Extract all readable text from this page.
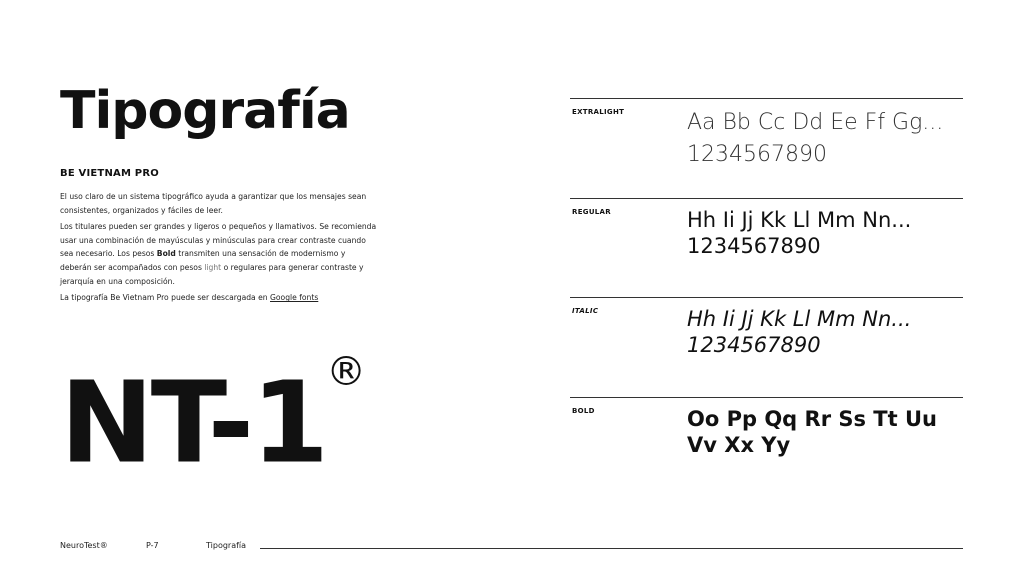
Tipografía
BE VIETNAM PRO

El uso claro de un sistema tipográfico ayuda a garantizar que los mensajes sean consistentes, organizados y fáciles de leer.

Los titulares pueden ser grandes y ligeros o pequeños y llamativos. Se recomienda usar una combinación de mayúsculas y minúsculas para crear contraste cuando sea necesario. Los pesos Bold transmiten una sensación de modernismo y deberán ser acompañados con pesos light o regulares para generar contraste y jerarquía en una composición.

La tipografía Be Vietnam Pro puede ser descargada en Google fonts

NT-1®
EXTRALIGHT	Aa Bb Cc Dd Ee Ff Gg...
1234567890
REGULAR	Hh Ii Jj Kk Ll Mm Nn...
1234567890
ITALIC	Hh Ii Jj Kk Ll Mm Nn...
1234567890
BOLD	Oo Pp Qq Rr Ss Tt Uu
Vv Xx Yy
NeuroTest®	P-7	Tipografía
